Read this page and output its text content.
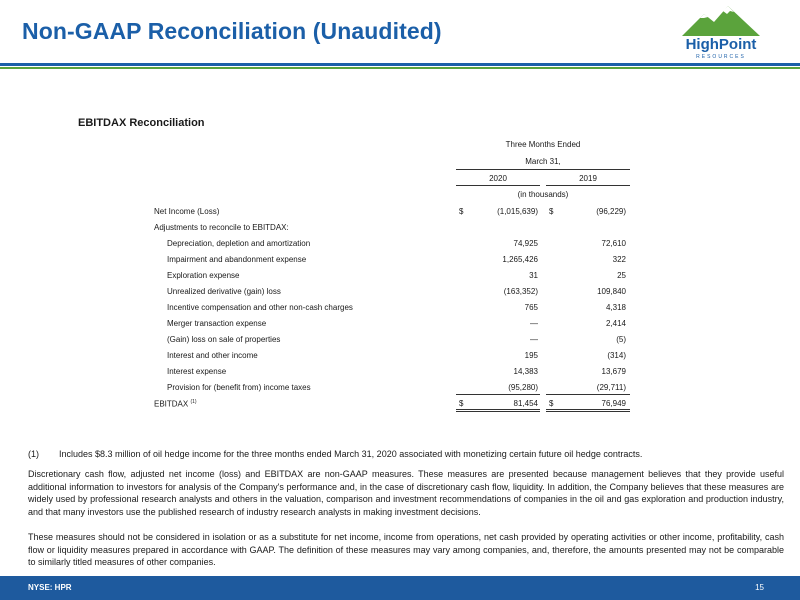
Non-GAAP Reconciliation (Unaudited)
HighPoint
RESOURCES
EBITDAX Reconciliation
Three Months Ended
March 31,
2020	2019
(in thousands)
Net Income (Loss)	$	(1,015,639) $	(96,229)
Adjustments to reconcile to EBITDAX:
Depreciation, depletion and amortization	74,925	72,610
Impairment and abandonment expense	1,265,426	322
Exploration expense	31	25
Unrealized derivative (gain) loss	(163,352)	109,840
Incentive compensation and other non-cash charges	765	4,318
Merger transaction expense	—	2,414
(Gain) loss on sale of properties	—	(5)
Interest and other income	195	(314)
Interest expense	14,383	13,679
Provision for (benefit from) income taxes	(95,280)	(29,711)
EBITDAX $^{(1)}$	$	81,454 $	76,949
(1) Includes $8.3 million of oil hedge income for the three months ended March 31, 2020 associated with monetizing certain future oil hedge contracts.
Discretionary cash flow, adjusted net income (loss) and EBITDAX are non-GAAP measures. These measures are presented because management believes that they provide useful additional information to investors for analysis of the Company's performance and, in the case of discretionary cash flow, liquidity. In addition, the Company believes that these measures are widely used by professional research analysts and others in the valuation, comparison and investment recommendations of companies in the oil and gas exploration and production industry, and that many investors use the published research of industry research analysts in making investment decisions.
These measures should not be considered in isolation or as a substitute for net income, income from operations, net cash provided by operating activities or other income, profitability, cash flow or liquidity measures prepared in accordance with GAAP. The definition of these measures may vary among companies, and, therefore, the amounts presented may not be comparable to similarly titled measures of other companies.
NYSE: HPR	15
